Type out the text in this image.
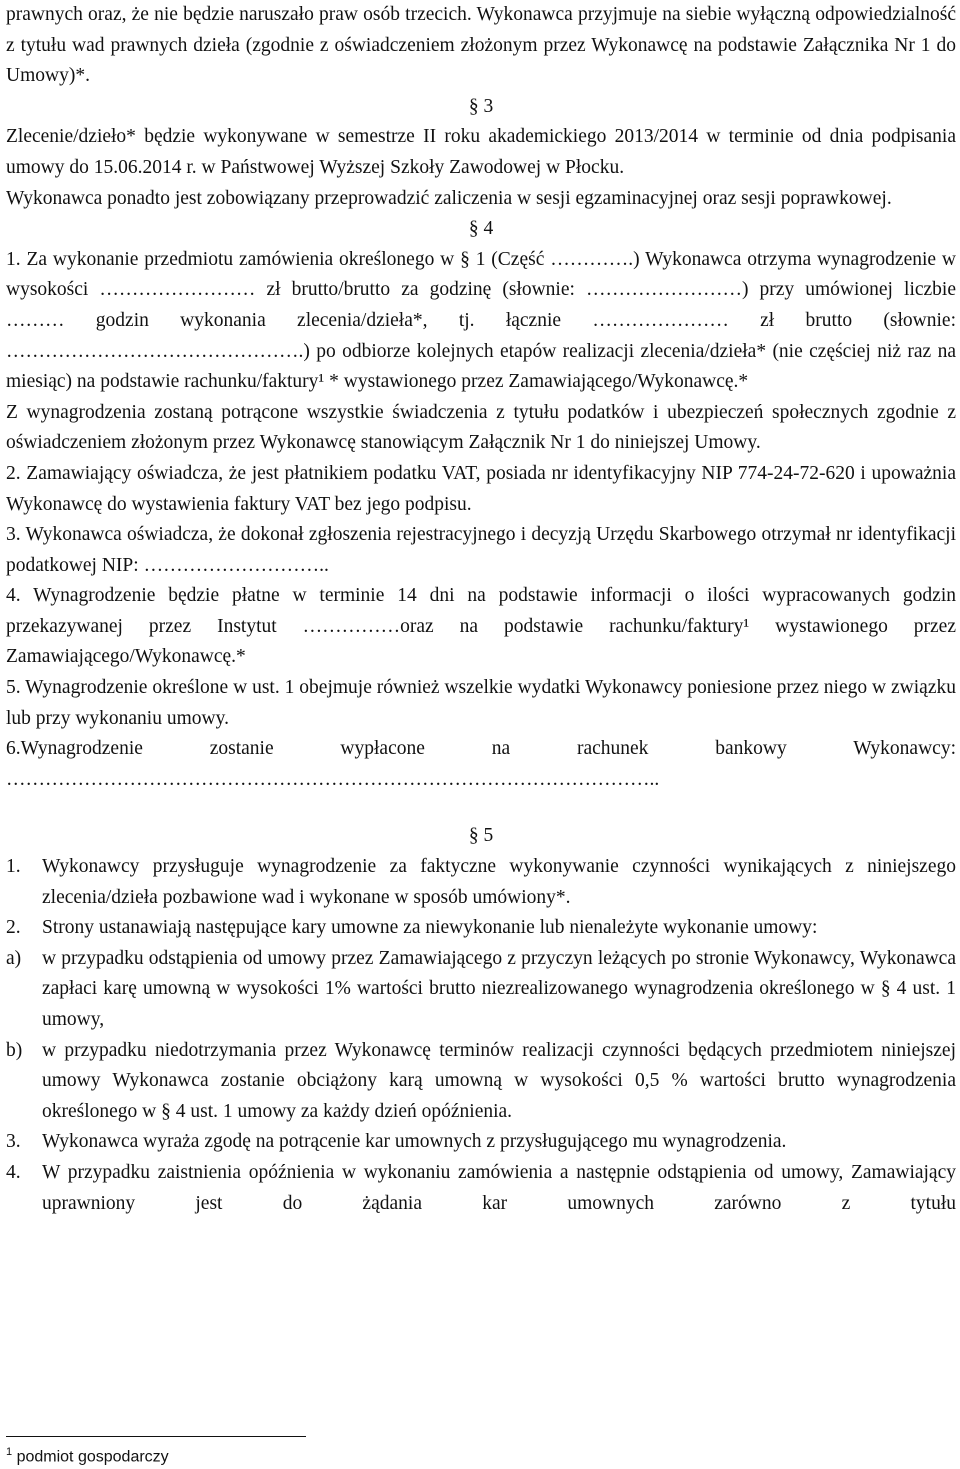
prawnych oraz, że nie będzie naruszało praw osób trzecich. Wykonawca przyjmuje na siebie wyłączną odpowiedzialność z tytułu wad prawnych dzieła (zgodnie z oświadczeniem złożonym przez Wykonawcę na podstawie Załącznika Nr 1 do Umowy)*.

§ 3

Zlecenie/dzieło* będzie wykonywane w semestrze II roku akademickiego 2013/2014 w terminie od dnia podpisania umowy do 15.06.2014 r. w Państwowej Wyższej Szkoły Zawodowej w Płocku.

Wykonawca ponadto jest zobowiązany przeprowadzić zaliczenia w sesji egzaminacyjnej oraz sesji poprawkowej.

§ 4

1. Za wykonanie przedmiotu zamówienia określonego w § 1 (Część ………….) Wykonawca otrzyma wynagrodzenie w wysokości …………………… zł brutto/brutto za godzinę (słownie: ……………………) przy umówionej liczbie ……… godzin wykonania zlecenia/dzieła*, tj. łącznie ………………… zł brutto (słownie: ……………………………………….) po odbiorze kolejnych etapów realizacji zlecenia/dzieła* (nie częściej niż raz na miesiąc) na podstawie rachunku/faktury¹ * wystawionego przez Zamawiającego/Wykonawcę.*

Z wynagrodzenia zostaną potrącone wszystkie świadczenia z tytułu podatków i ubezpieczeń społecznych zgodnie z oświadczeniem złożonym przez Wykonawcę stanowiącym Załącznik Nr 1 do niniejszej Umowy.

2. Zamawiający oświadcza, że jest płatnikiem podatku VAT, posiada nr identyfikacyjny NIP 774-24-72-620 i upoważnia Wykonawcę do wystawienia faktury VAT bez jego podpisu.

3. Wykonawca oświadcza, że dokonał zgłoszenia rejestracyjnego i decyzją Urzędu Skarbowego otrzymał nr identyfikacji podatkowej NIP: ………………………..

4. Wynagrodzenie będzie płatne w terminie 14 dni na podstawie informacji o ilości wypracowanych godzin przekazywanej przez Instytut ……………oraz na podstawie rachunku/faktury¹ wystawionego przez Zamawiającego/Wykonawcę.*

5. Wynagrodzenie określone w ust. 1 obejmuje również wszelkie wydatki Wykonawcy poniesione przez niego w związku lub przy wykonaniu umowy.

6.Wynagrodzenie zostanie wypłacone na rachunek bankowy Wykonawcy:

………………………………………………………………………………………..

§ 5

1.	Wykonawcy przysługuje wynagrodzenie za faktyczne wykonywanie czynności wynikających z niniejszego zlecenia/dzieła pozbawione wad i wykonane w sposób umówiony*.
2.	Strony ustanawiają następujące kary umowne za niewykonanie lub nienależyte wykonanie umowy:
a)	w przypadku odstąpienia od umowy przez Zamawiającego z przyczyn leżących po stronie Wykonawcy, Wykonawca zapłaci karę umowną w wysokości 1% wartości brutto niezrealizowanego wynagrodzenia określonego w § 4 ust. 1 umowy,
b)	w przypadku niedotrzymania przez Wykonawcę terminów realizacji czynności będących przedmiotem niniejszej umowy Wykonawca zostanie obciążony karą umowną w wysokości 0,5 % wartości brutto wynagrodzenia określonego w § 4 ust. 1 umowy za każdy dzień opóźnienia.
3.	Wykonawca wyraża zgodę na potrącenie kar umownych z przysługującego mu wynagrodzenia.
4.	W przypadku zaistnienia opóźnienia w wykonaniu zamówienia a następnie odstąpienia od umowy, Zamawiający uprawniony jest do żądania kar umownych zarówno z tytułu
$^1$ podmiot gospodarczy
